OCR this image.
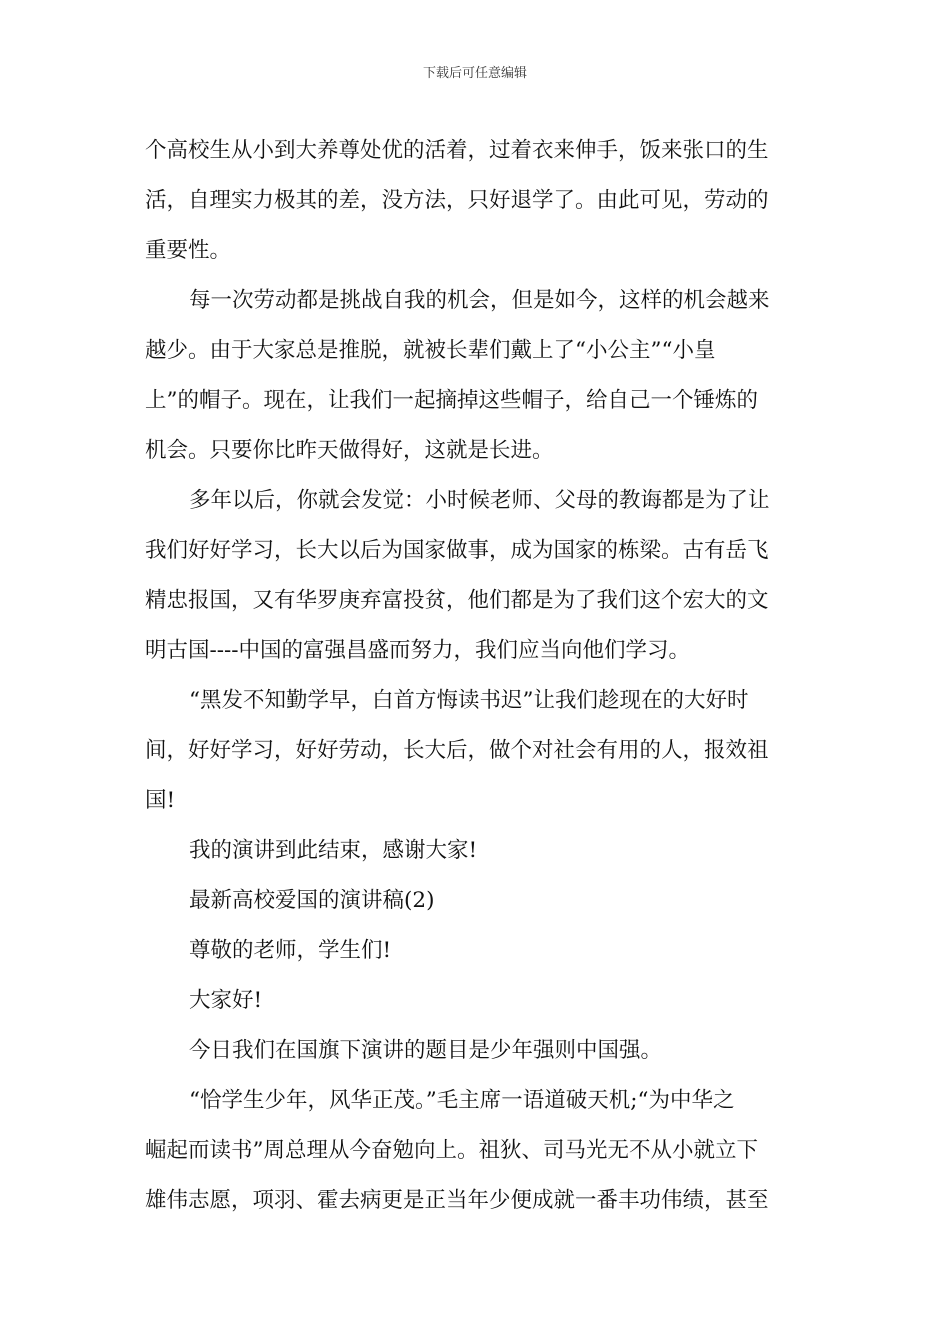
下载后可任意编辑
个高校生从小到大养尊处优的活着，过着衣来伸手，饭来张口的生
活，自理实力极其的差，没方法，只好退学了。由此可见，劳动的
重要性。
每一次劳动都是挑战自我的机会，但是如今，这样的机会越来
越少。由于大家总是推脱，就被长辈们戴上了“小公主”“小皇
上”的帽子。现在，让我们一起摘掉这些帽子，给自己一个锤炼的
机会。只要你比昨天做得好，这就是长进。
多年以后，你就会发觉：小时候老师、父母的教诲都是为了让
我们好好学习，长大以后为国家做事，成为国家的栋梁。古有岳飞
精忠报国，又有华罗庚弃富投贫，他们都是为了我们这个宏大的文
明古国----中国的富强昌盛而努力，我们应当向他们学习。
“黑发不知勤学早，白首方悔读书迟”让我们趁现在的大好时
间，好好学习，好好劳动，长大后，做个对社会有用的人，报效祖
国!
我的演讲到此结束，感谢大家!
最新高校爱国的演讲稿(2)
尊敬的老师，学生们!
大家好!
今日我们在国旗下演讲的题目是少年强则中国强。
“恰学生少年，风华正茂。”毛主席一语道破天机;“为中华之
崛起而读书”周总理从今奋勉向上。祖狄、司马光无不从小就立下
雄伟志愿，项羽、霍去病更是正当年少便成就一番丰功伟绩，甚至
